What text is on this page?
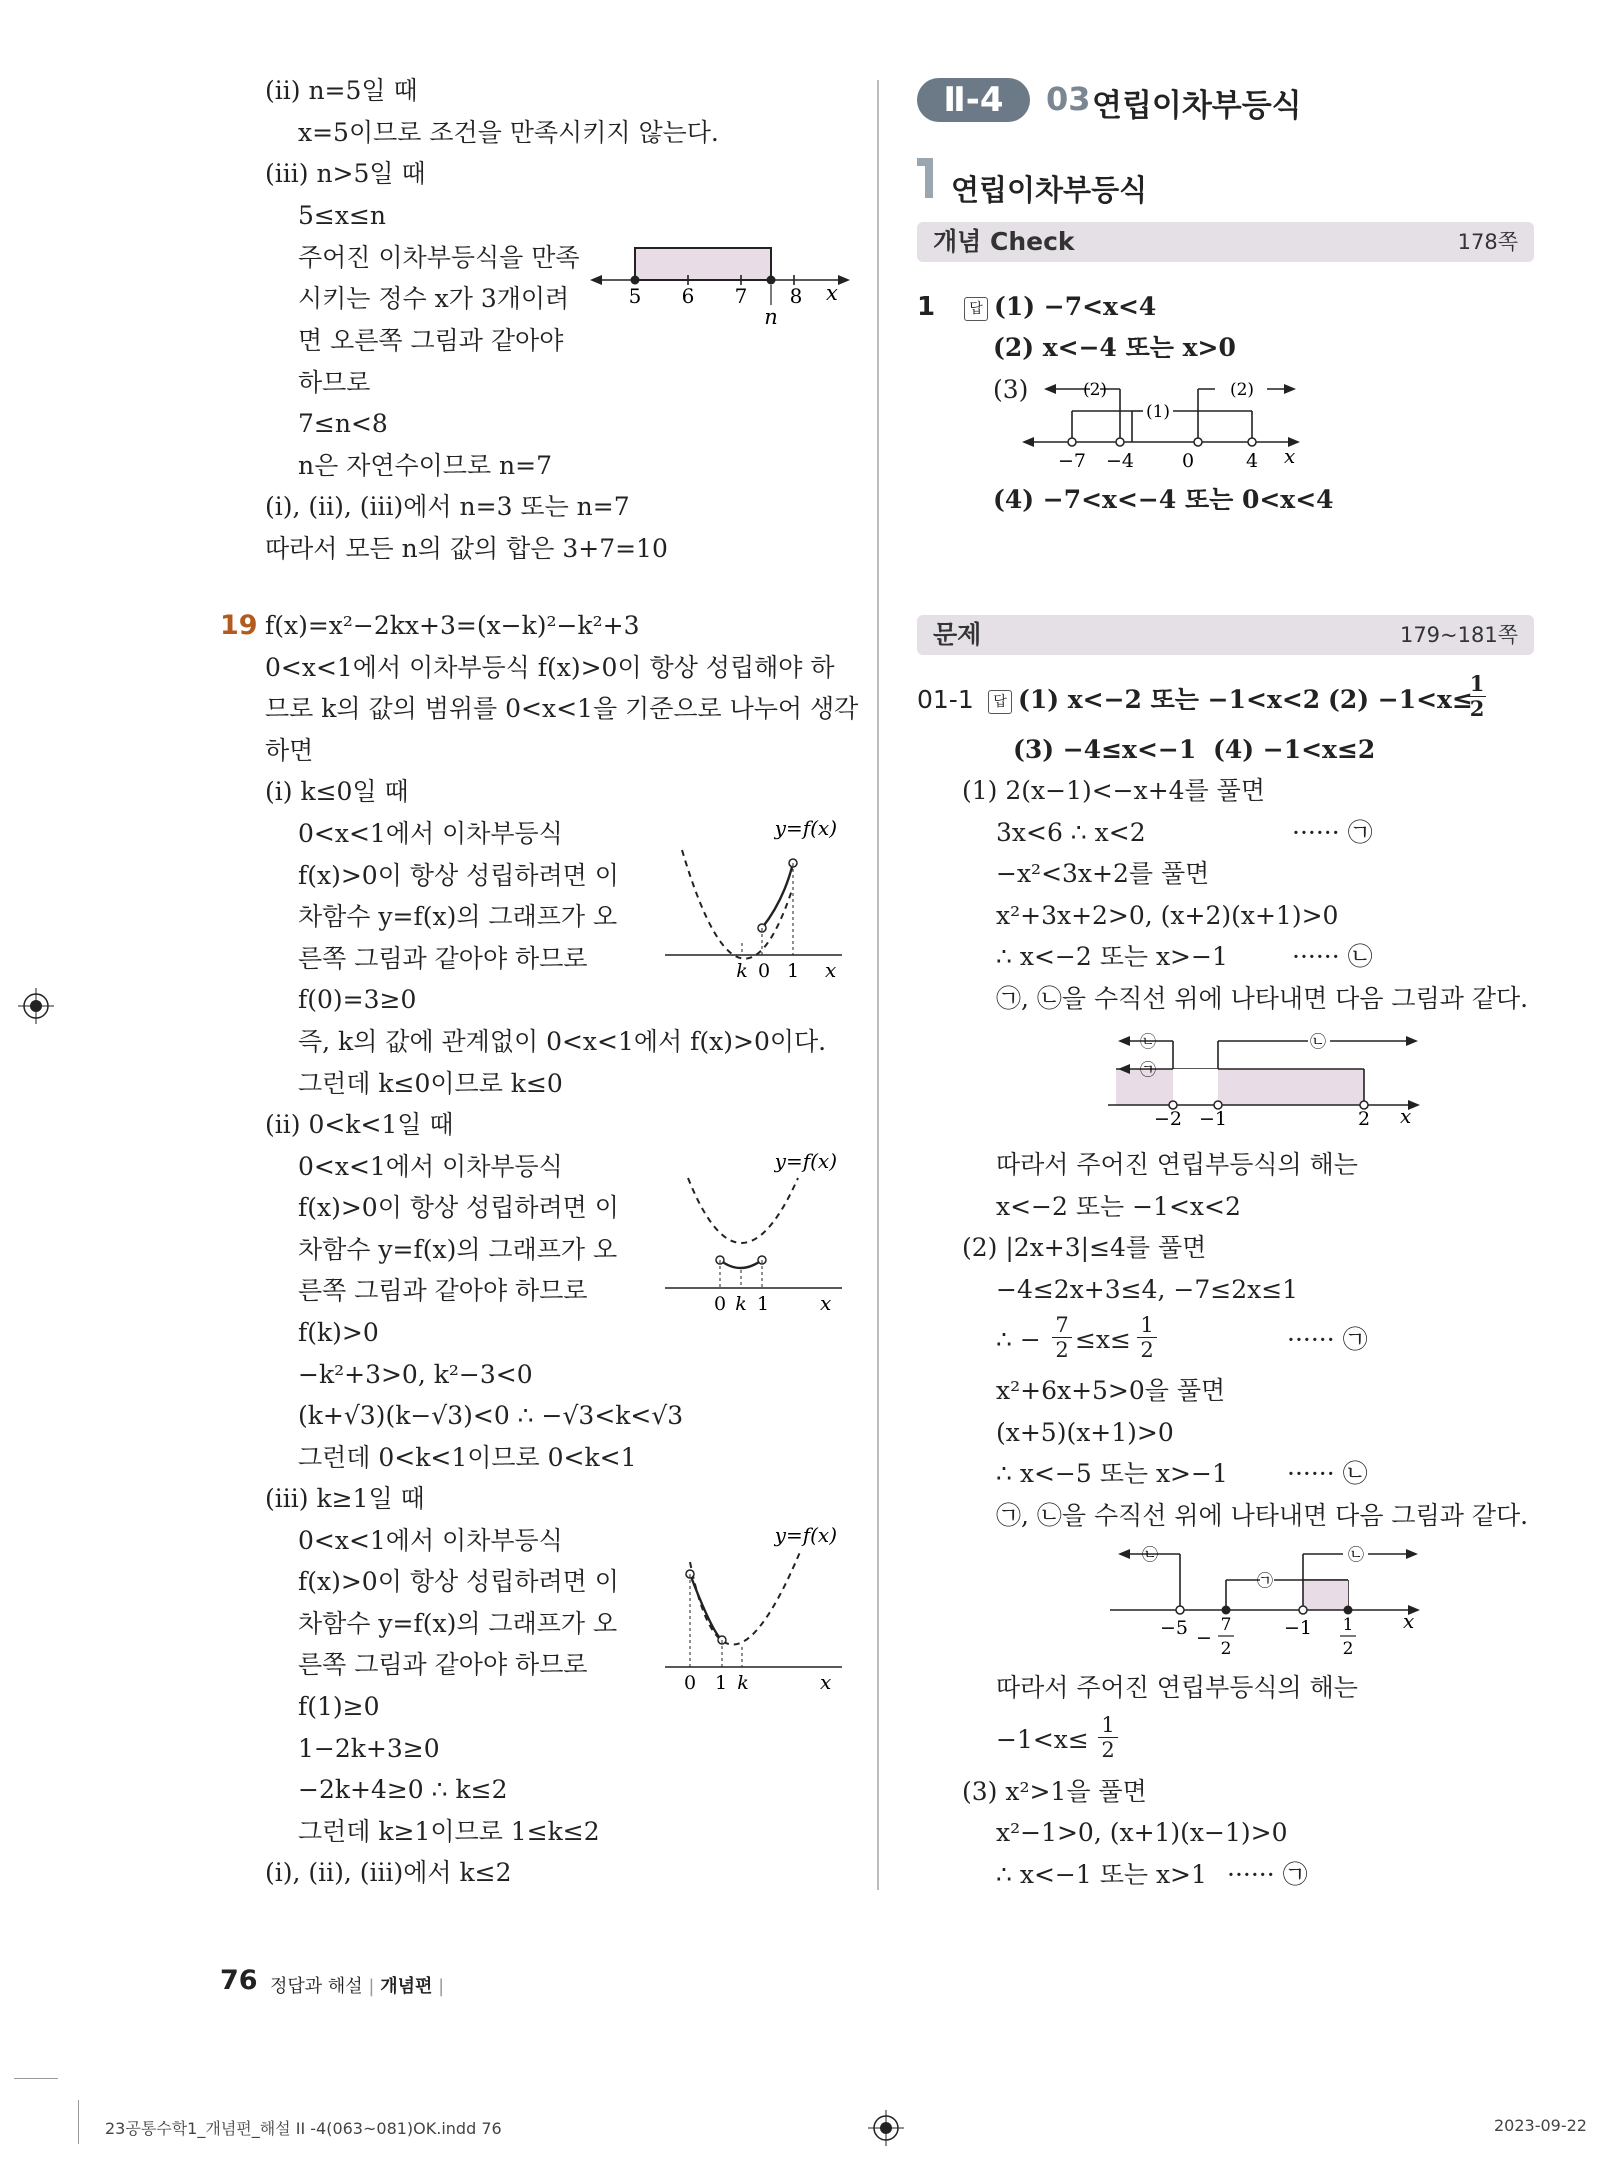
(ⅱ) n=5일 때
x=5이므로 조건을 만족시키지 않는다.
(ⅲ) n>5일 때
5≤x≤n
주어진 이차부등식을 만족
시키는 정수 x가 3개이려
면 오른쪽 그림과 같아야
하므로
7≤n<8
n은 자연수이므로 n=7
(ⅰ), (ⅱ), (ⅲ)에서 n=3 또는 n=7
따라서 모든 n의 값의 합은 3+7=10
5 6 7 8 x
n
19 f(x)=x²−2kx+3=(x−k)²−k²+3
0<x<1에서 이차부등식 f(x)>0이 항상 성립해야 하
므로 k의 값의 범위를 0<x<1을 기준으로 나누어 생각
하면
(ⅰ) k≤0일 때
0<x<1에서 이차부등식
f(x)>0이 항상 성립하려면 이
차함수 y=f(x)의 그래프가 오
른쪽 그림과 같아야 하므로
f(0)=3≥0
즉, k의 값에 관계없이 0<x<1에서 f(x)>0이다.
그런데 k≤0이므로 k≤0
y=f(x)
k 0 1 x
(ⅱ) 0<k<1일 때
0<x<1에서 이차부등식
f(x)>0이 항상 성립하려면 이
차함수 y=f(x)의 그래프가 오
른쪽 그림과 같아야 하므로
f(k)>0
−k²+3>0, k²−3<0
(k+√3)(k−√3)<0 ∴ −√3<k<√3
그런데 0<k<1이므로 0<k<1
y=f(x)
0 k 1	x
(ⅲ) k≥1일 때
0<x<1에서 이차부등식
f(x)>0이 항상 성립하려면 이
차함수 y=f(x)의 그래프가 오
른쪽 그림과 같아야 하므로
f(1)≥0
1−2k+3≥0
−2k+4≥0 ∴ k≤2
그런데 k≥1이므로 1≤k≤2
(ⅰ), (ⅱ), (ⅲ)에서 k≤2
y=f(x)
0 1 k	x
Ⅱ-4	03 연립이차부등식
연립이차부등식
개념 Check	178쪽
1	답 (1) −7<x<4
(2) x<−4 또는 x>0
(3)	(2)
(1)
(2)
−7 −4	0	4 x
(4) −7<x<−4 또는 0<x<4
문제	179~181쪽
01-1	답 (1) x<−2 또는 −1<x<2 (2) −1<x≤
$\frac{1}{2}$
(3) −4≤x<−1 (4) −1<x≤2
(1) 2(x−1)<−x+4를 풀면
3x<6 ∴ x<2	······ ㉠
−x²<3x+2를 풀면
x²+3x+2>0, (x+2)(x+1)>0
∴ x<−2 또는 x>−1	······ ㉡
㉠, ㉡을 수직선 위에 나타내면 다음 그림과 같다.
㉡	㉡
㉠
−2 −1	2 x
따라서 주어진 연립부등식의 해는
x<−2 또는 −1<x<2
(2) |2x+3|≤4를 풀면
−4≤2x+3≤4, −7≤2x≤1
∴ − $\frac{7}{2} \le x\le \frac{1}{2}$	······ ㉠
x²+6x+5>0을 풀면
(x+5)(x+1)>0
∴ x<−5 또는 x>−1 ······ ㉡
㉠, ㉡을 수직선 위에 나타내면 다음 그림과 같다.
㉡
㉠
㉡
−5 −
7
2
−1 1
2
x
따라서 주어진 연립부등식의 해는
$-1<x\le \frac{1}{2}$
(3) x²>1을 풀면
x²−1>0, (x+1)(x−1)>0
∴ x<−1 또는 x>1 ······ ㉠
76 정답과 해설 | 개념편 |
23공통수학1_개념편_해설 II -4(063~081)OK.indd 76	2023-09-22
